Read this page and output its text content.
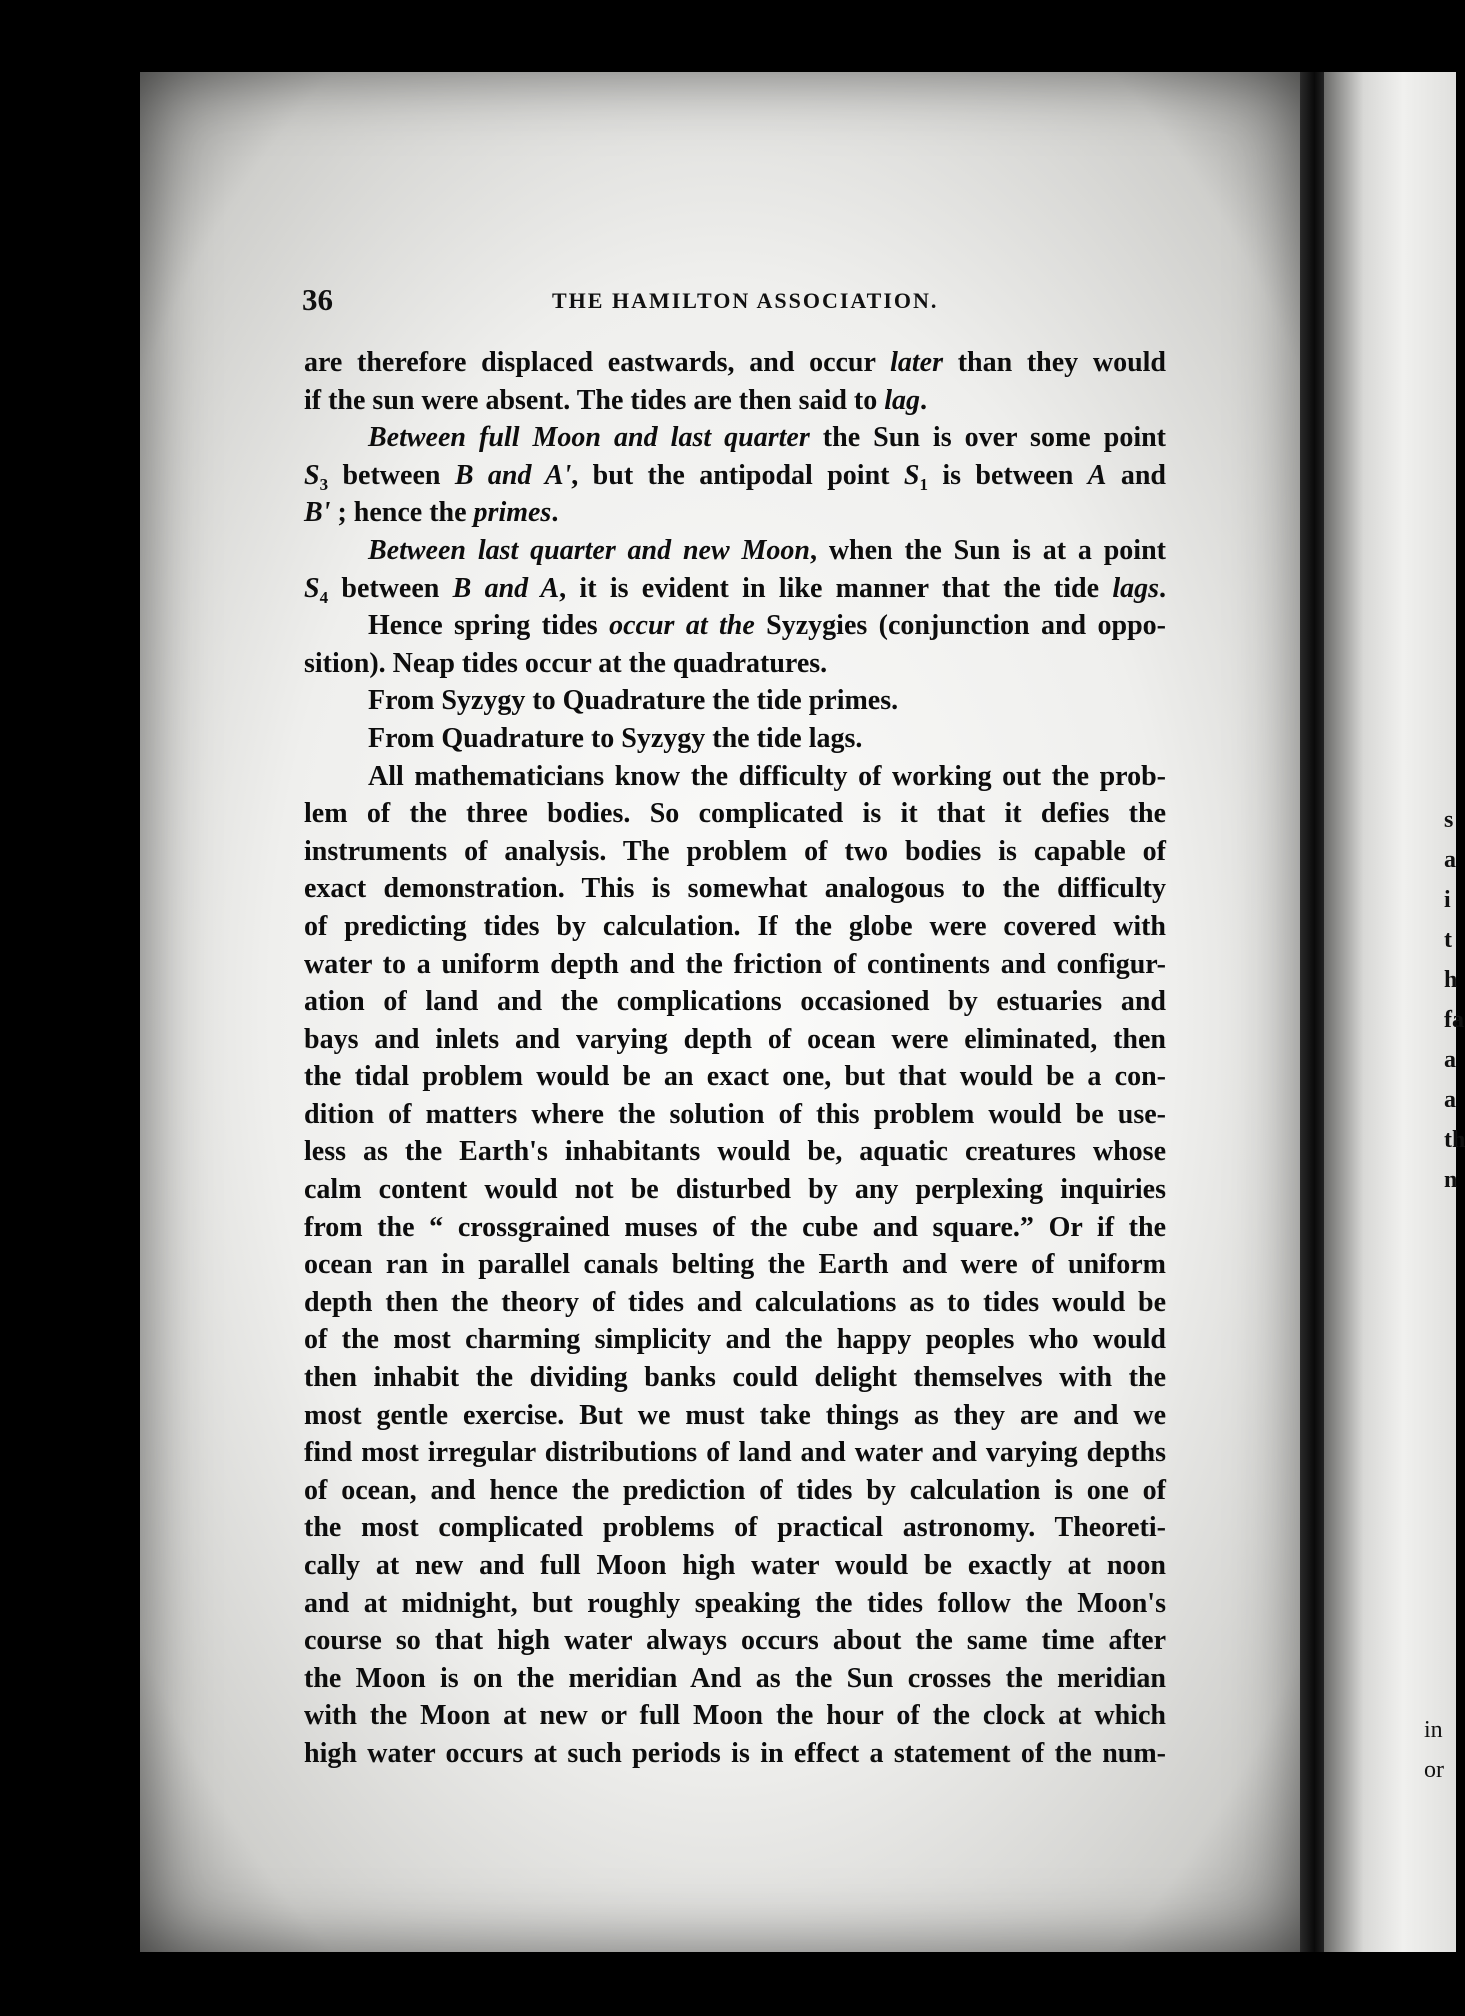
s
a
i
t
h
fa
a
a
th
n
in
or
36	THE HAMILTON ASSOCIATION.
are therefore displaced eastwards, and occur later than they would
if the sun were absent. The tides are then said to lag.
Between full Moon and last quarter the Sun is over some point
$S_3$ between B and A', but the antipodal point $S_1$ is between A and
B' ; hence the primes.
Between last quarter and new Moon, when the Sun is at a point
$S_4$ between B and A, it is evident in like manner that the tide lags.
Hence spring tides occur at the Syzygies (conjunction and oppo-
sition). Neap tides occur at the quadratures.
From Syzygy to Quadrature the tide primes.
From Quadrature to Syzygy the tide lags.
All mathematicians know the difficulty of working out the prob-
lem of the three bodies. So complicated is it that it defies the
instruments of analysis. The problem of two bodies is capable of
exact demonstration. This is somewhat analogous to the difficulty
of predicting tides by calculation. If the globe were covered with
water to a uniform depth and the friction of continents and configur-
ation of land and the complications occasioned by estuaries and
bays and inlets and varying depth of ocean were eliminated, then
the tidal problem would be an exact one, but that would be a con-
dition of matters where the solution of this problem would be use-
less as the Earth's inhabitants would be, aquatic creatures whose
calm content would not be disturbed by any perplexing inquiries
from the “ crossgrained muses of the cube and square.” Or if the
ocean ran in parallel canals belting the Earth and were of uniform
depth then the theory of tides and calculations as to tides would be
of the most charming simplicity and the happy peoples who would
then inhabit the dividing banks could delight themselves with the
most gentle exercise. But we must take things as they are and we
find most irregular distributions of land and water and varying depths
of ocean, and hence the prediction of tides by calculation is one of
the most complicated problems of practical astronomy. Theoreti-
cally at new and full Moon high water would be exactly at noon
and at midnight, but roughly speaking the tides follow the Moon's
course so that high water always occurs about the same time after
the Moon is on the meridian And as the Sun crosses the meridian
with the Moon at new or full Moon the hour of the clock at which
high water occurs at such periods is in effect a statement of the num-
